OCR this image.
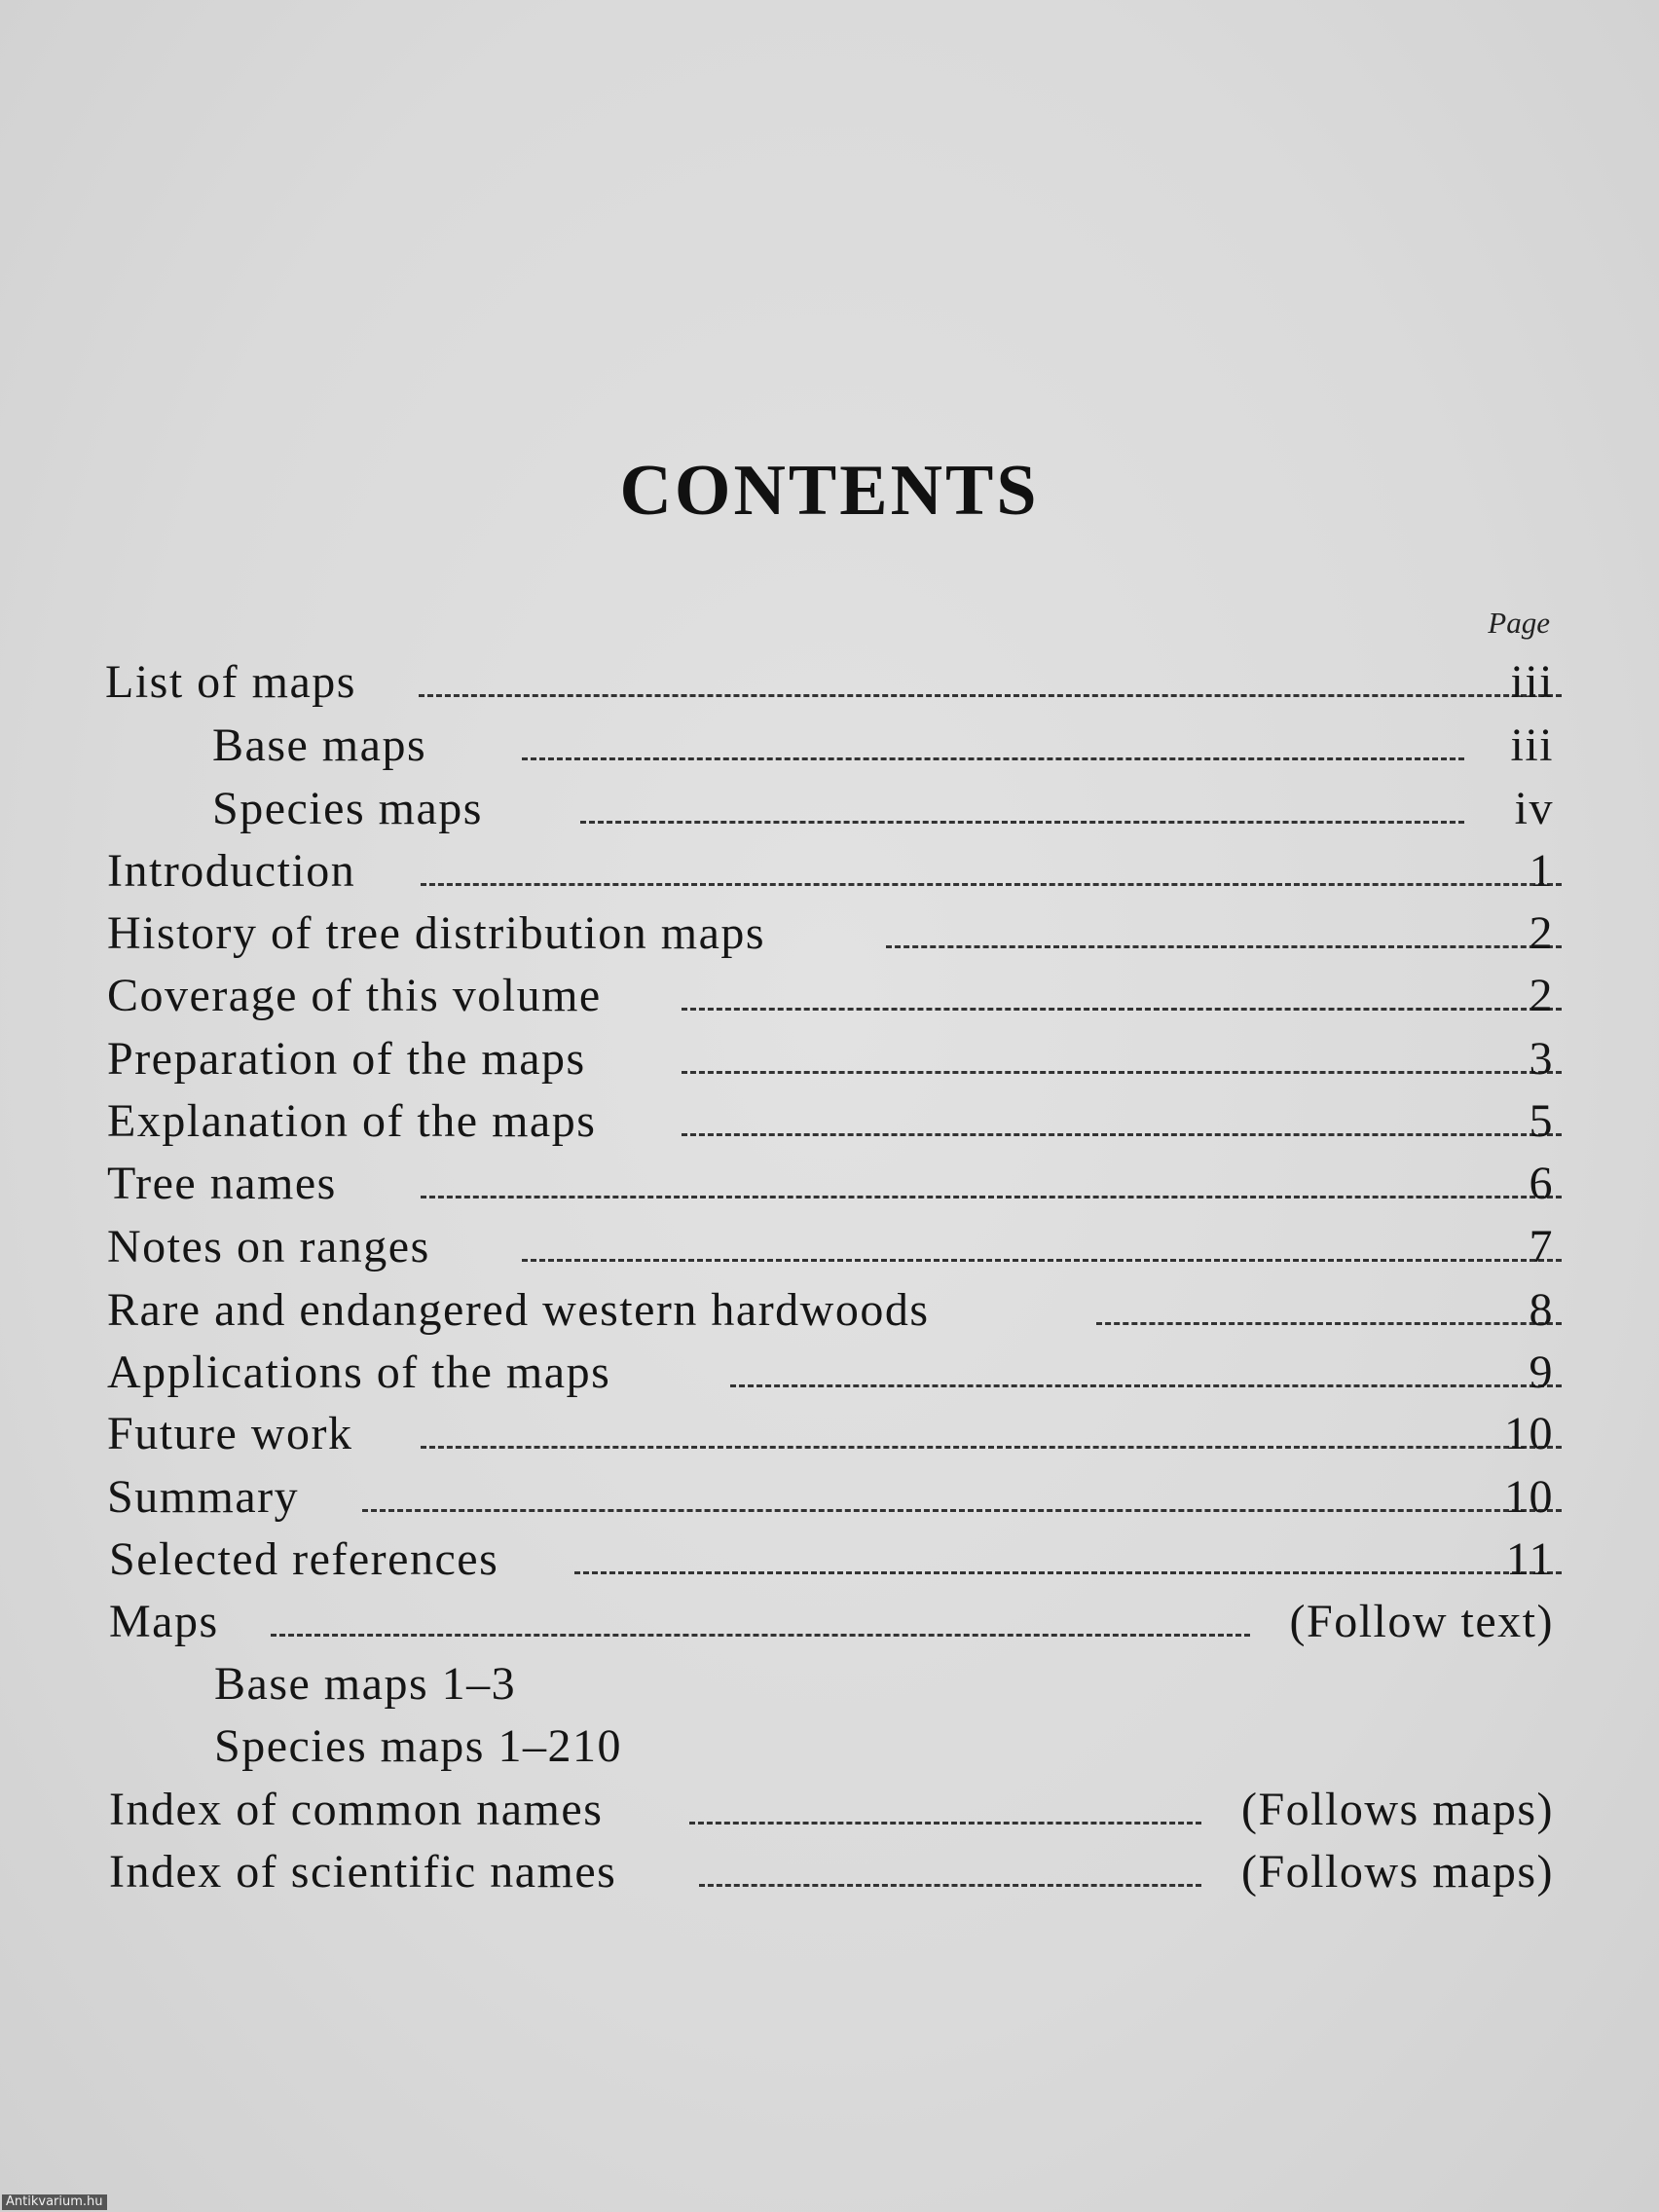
CONTENTS
Page
List of maps	iii
Base maps	iii
Species maps	iv
Introduction	1
History of tree distribution maps	2
Coverage of this volume	2
Preparation of the maps	3
Explanation of the maps	5
Tree names	6
Notes on ranges	7
Rare and endangered western hardwoods	8
Applications of the maps	9
Future work	10
Summary	10
Selected references	11
Maps	(Follow text)
Base maps 1–3
Species maps 1–210
Index of common names	(Follows maps)
Index of scientific names	(Follows maps)
Antikvarium.hu
